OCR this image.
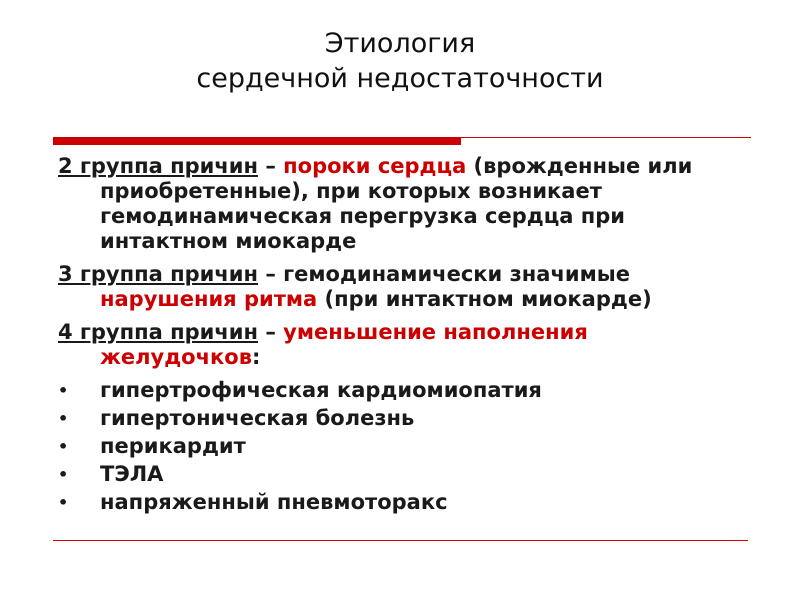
Этиология
сердечной недостаточности

2 группа причин – пороки сердца (врожденные или приобретенные), при которых возникает гемодинамическая перегрузка сердца при интактном миокарде

3 группа причин – гемодинамически значимые нарушения ритма (при интактном миокарде)

4 группа причин – уменьшение наполнения желудочков:

•	гипертрофическая кардиомиопатия
•	гипертоническая болезнь
•	перикардит
•	ТЭЛА
•	напряженный пневмоторакс
